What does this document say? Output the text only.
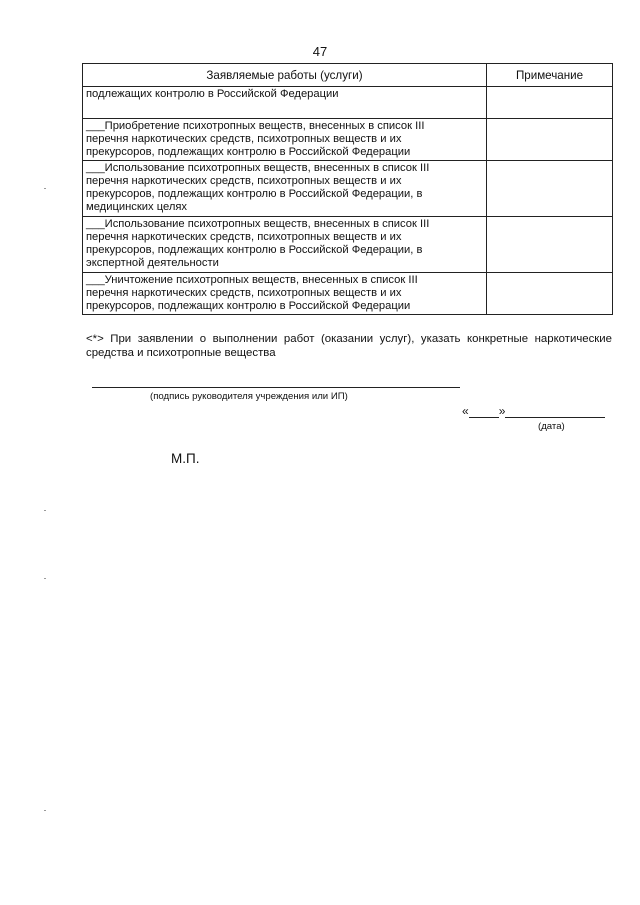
47
Заявляемые работы (услуги)	Примечание

подлежащих контролю в Российской Федерации	

___Приобретение психотропных веществ, внесенных в список III
перечня наркотических средств, психотропных веществ и их
прекурсоров, подлежащих контролю в Российской Федерации	

___Использование психотропных веществ, внесенных в список III
перечня наркотических средств, психотропных веществ и их
прекурсоров, подлежащих контролю в Российской Федерации, в
медицинских целях	

___Использование психотропных веществ, внесенных в список III
перечня наркотических средств, психотропных веществ и их
прекурсоров, подлежащих контролю в Российской Федерации, в
экспертной деятельности	

___Уничтожение психотропных веществ, внесенных в список III
перечня наркотических средств, психотропных веществ и их
прекурсоров, подлежащих контролю в Российской Федерации	

<*> При заявлении о выполнении работ (оказании услуг), указать конкретные наркотические средства и психотропные вещества
(подпись руководителя учреждения или ИП)
«	»
(дата)
М.П.
